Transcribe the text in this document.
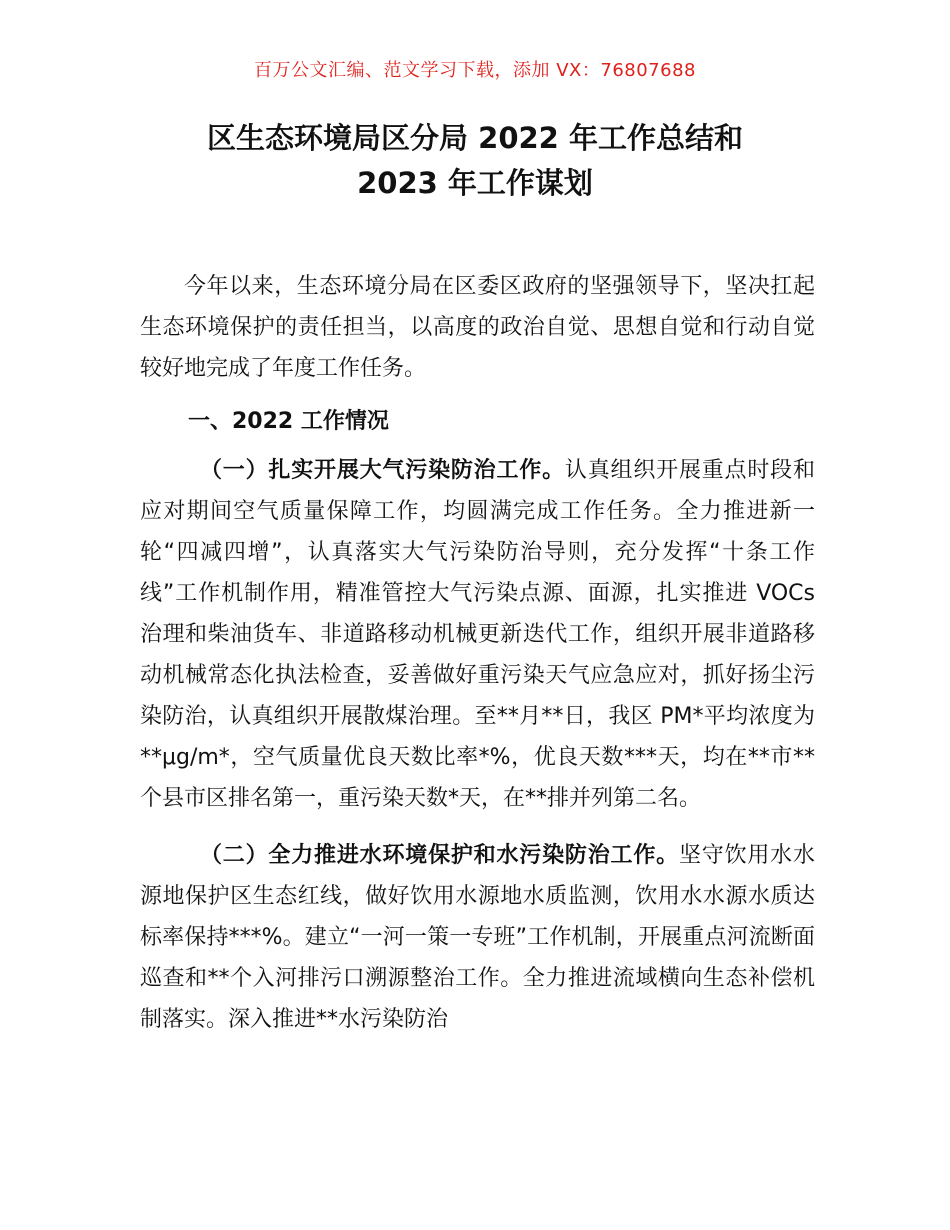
百万公文汇编、范文学习下载，添加 VX：76807688
区生态环境局区分局 2022 年工作总结和
2023 年工作谋划

今年以来，生态环境分局在区委区政府的坚强领导下，坚决扛起生态环境保护的责任担当，以高度的政治自觉、思想自觉和行动自觉较好地完成了年度工作任务。

一、2022 工作情况

（一）扎实开展大气污染防治工作。认真组织开展重点时段和应对期间空气质量保障工作，均圆满完成工作任务。全力推进新一轮“四减四增”，认真落实大气污染防治导则，充分发挥“十条工作线”工作机制作用，精准管控大气污染点源、面源，扎实推进 VOCs 治理和柴油货车、非道路移动机械更新迭代工作，组织开展非道路移动机械常态化执法检查，妥善做好重污染天气应急应对，抓好扬尘污染防治，认真组织开展散煤治理。至**月**日，我区 PM*平均浓度为**μg/m*，空气质量优良天数比率*%，优良天数***天，均在**市**个县市区排名第一，重污染天数*天，在**排并列第二名。

（二）全力推进水环境保护和水污染防治工作。坚守饮用水水源地保护区生态红线，做好饮用水源地水质监测，饮用水水源水质达标率保持***%。建立“一河一策一专班”工作机制，开展重点河流断面巡查和**个入河排污口溯源整治工作。全力推进流域横向生态补偿机制落实。深入推进**水污染防治
